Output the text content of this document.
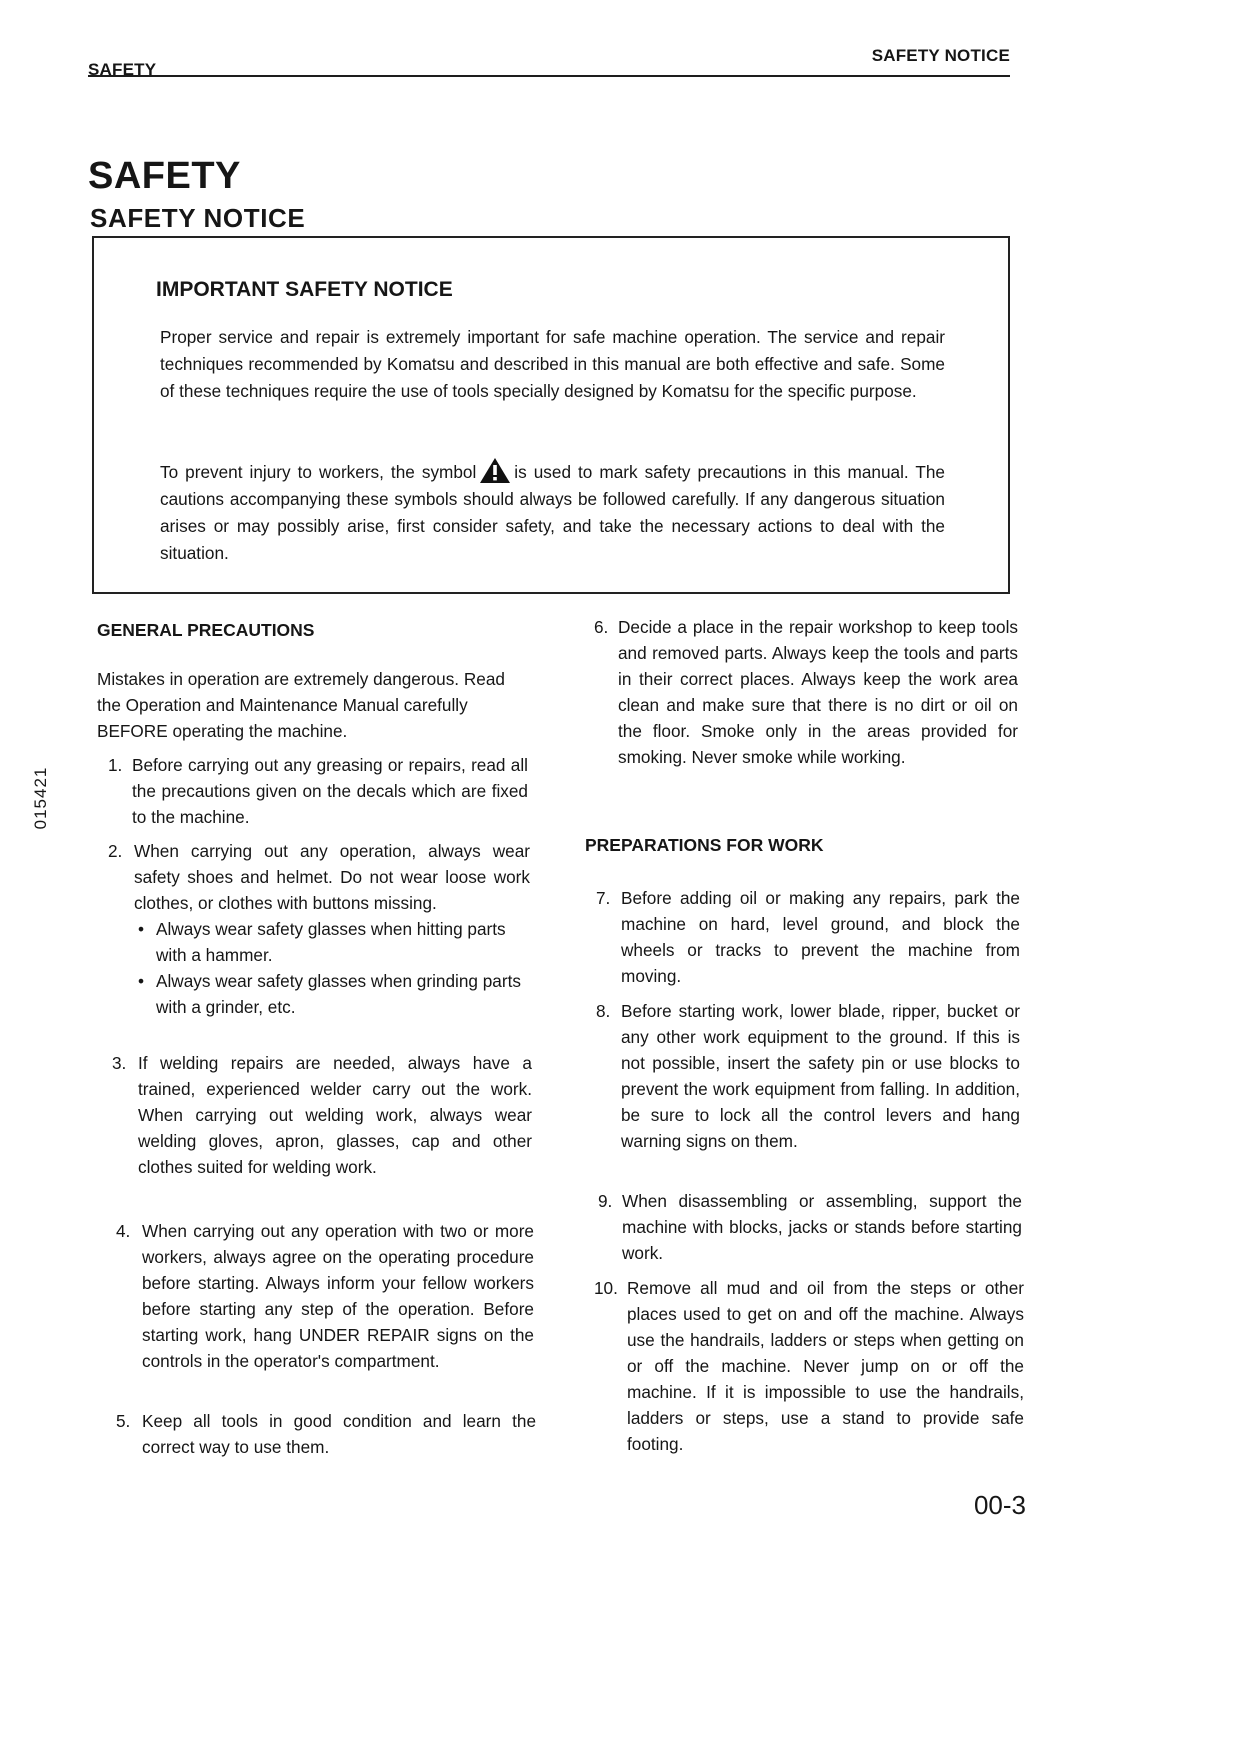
SAFETY
SAFETY NOTICE
SAFETY
SAFETY NOTICE
IMPORTANT SAFETY NOTICE
Proper service and repair is extremely important for safe machine operation. The service and repair techniques recommended by Komatsu and described in this manual are both effective and safe. Some of these techniques require the use of tools specially designed by Komatsu for the specific purpose.
To prevent injury to workers, the symbol is used to mark safety precautions in this manual. The cautions accompanying these symbols should always be followed carefully. If any dangerous situation arises or may possibly arise, first consider safety, and take the necessary actions to deal with the situation.
GENERAL PRECAUTIONS
Mistakes in operation are extremely dangerous. Read the Operation and Maintenance Manual carefully BEFORE operating the machine.
1. Before carrying out any greasing or repairs, read all the precautions given on the decals which are fixed to the machine.
2. When carrying out any operation, always wear safety shoes and helmet. Do not wear loose work clothes, or clothes with buttons missing.
• Always wear safety glasses when hitting parts with a hammer.
• Always wear safety glasses when grinding parts with a grinder, etc.
3. If welding repairs are needed, always have a trained, experienced welder carry out the work. When carrying out welding work, always wear welding gloves, apron, glasses, cap and other clothes suited for welding work.
4. When carrying out any operation with two or more workers, always agree on the operating procedure before starting. Always inform your fellow workers before starting any step of the operation. Before starting work, hang UNDER REPAIR signs on the controls in the operator's compartment.
5. Keep all tools in good condition and learn the correct way to use them.
6. Decide a place in the repair workshop to keep tools and removed parts. Always keep the tools and parts in their correct places. Always keep the work area clean and make sure that there is no dirt or oil on the floor. Smoke only in the areas provided for smoking. Never smoke while working.
PREPARATIONS FOR WORK
7. Before adding oil or making any repairs, park the machine on hard, level ground, and block the wheels or tracks to prevent the machine from moving.
8. Before starting work, lower blade, ripper, bucket or any other work equipment to the ground. If this is not possible, insert the safety pin or use blocks to prevent the work equipment from falling. In addition, be sure to lock all the control levers and hang warning signs on them.
9. When disassembling or assembling, support the machine with blocks, jacks or stands before starting work.
10. Remove all mud and oil from the steps or other places used to get on and off the machine. Always use the handrails, ladders or steps when getting on or off the machine. Never jump on or off the machine. If it is impossible to use the handrails, ladders or steps, use a stand to provide safe footing.
015421
00-3
